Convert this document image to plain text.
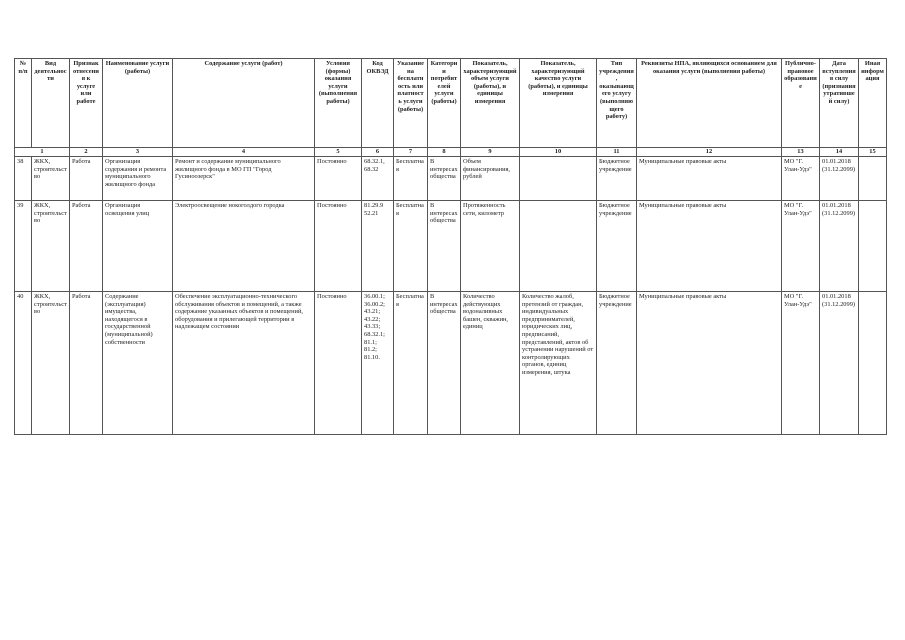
№ п/п	Вид деятельности	Признак отнесения к услуге или работе	Наименование услуги (работы)	Содержание услуги (работ)	Условия (формы) оказания услуги (выполнения работы)	Код ОКВЭД	Указание на бесплатность или платность услуги (работы)	Категории потребителей услуги (работы)	Показатель, характеризующий объем услуги (работы), и единицы измерения	Показатель, характеризующий качество услуги (работы), и единицы измерения	Тип учреждения, оказывающего услугу (выполняющего работу)	Реквизиты НПА, являющихся основанием для оказания услуги (выполнения работы)	Публично-правовое образование	Дата вступления в силу (признания утратившей силу)	Иная информация
1		2	3	4	5	6	7	8	9	10	11	12	13	14	15
38	ЖКХ, строительство	Работа	Организация содержания и ремонта муниципального жилищного фонда	Ремонт и содержание муниципального жилищного фонда в МО ГП "Город Гусиноозерск"	Постоянно	68.32.1, 68.32	Бесплатна я	В интересах общества	Объем финансирования, рублей		Бюджетное учреждение	Муниципальные правовые акты	МО "Г. Улан-Удэ"	01.01.2018 (31.12.2099)	
39	ЖКХ, строительство	Работа	Организация освещения улиц	Электроосвещение нокоголдого городка	Постоянно	81.29.9 52.21	Бесплатна я	В интересах общества	Протяженность сети, километр		Бюджетное учреждение	Муниципальные правовые акты	МО "Г. Улан-Удэ"	01.01.2018 (31.12.2099)	
40	ЖКХ, строительство	Работа	Содержание (эксплуатация) имущества, находящегося в государственной (муниципальной) собственности	Обеспечение эксплуатационно-технического обслуживания объектов и помещений, а также содержание указанных объектов и помещений, оборудования и прилегающей территории в надлежащем состоянии	Постоянно	36.00.1; 36.00.2; 43.21; 43.22; 43.33; 68.32.1; 81.1; 81.2; 81.10.	Бесплатна я	В интересах общества	Количество действующих водоналивных башен, скважин, единиц	Количество жалоб, претензий от граждан, индивидуальных предпринимателей, юридических лиц, предписаний, представлений, актов об устранении нарушений от контролирующих органов, единиц измерения, штука	Бюджетное учреждение	Муниципальные правовые акты	МО "Г. Улан-Удэ"	01.01.2018 (31.12.2099)	
